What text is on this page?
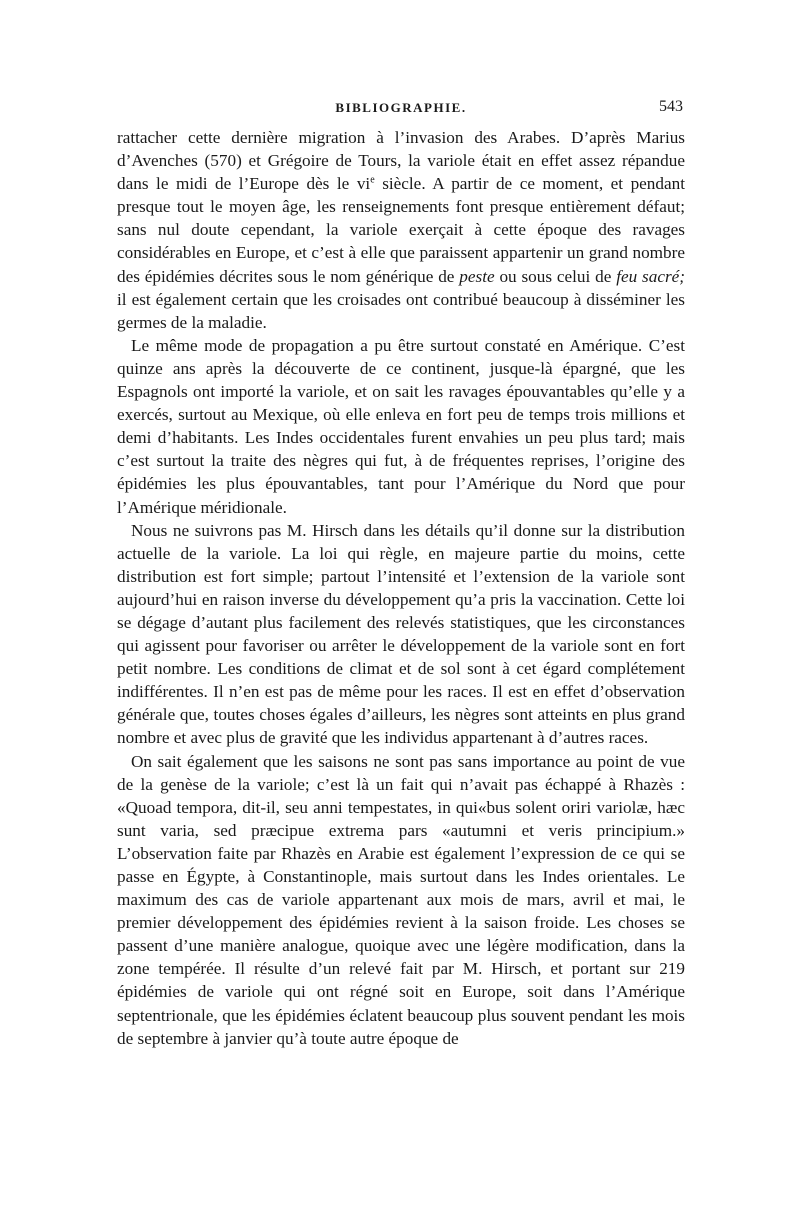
BIBLIOGRAPHIE.	543

rattacher cette dernière migration à l’invasion des Arabes. D’après Marius d’Avenches (570) et Grégoire de Tours, la variole était en effet assez répandue dans le midi de l’Europe dès le $vi^e$ siècle. A partir de ce moment, et pendant presque tout le moyen âge, les renseignements font presque entièrement défaut; sans nul doute cependant, la variole exerçait à cette époque des ravages considérables en Europe, et c’est à elle que paraissent appartenir un grand nombre des épidémies décrites sous le nom générique de peste ou sous celui de feu sacré; il est également certain que les croisades ont contribué beaucoup à disséminer les germes de la maladie.

Le même mode de propagation a pu être surtout constaté en Amérique. C’est quinze ans après la découverte de ce continent, jusque-là épargné, que les Espagnols ont importé la variole, et on sait les ravages épouvantables qu’elle y a exercés, surtout au Mexique, où elle enleva en fort peu de temps trois millions et demi d’habitants. Les Indes occidentales furent envahies un peu plus tard; mais c’est surtout la traite des nègres qui fut, à de fréquentes reprises, l’origine des épidémies les plus épouvantables, tant pour l’Amérique du Nord que pour l’Amérique méridionale.

Nous ne suivrons pas M. Hirsch dans les détails qu’il donne sur la distribution actuelle de la variole. La loi qui règle, en majeure partie du moins, cette distribution est fort simple; partout l’intensité et l’extension de la variole sont aujourd’hui en raison inverse du développement qu’a pris la vaccination. Cette loi se dégage d’autant plus facilement des relevés statistiques, que les circonstances qui agissent pour favoriser ou arrêter le développement de la variole sont en fort petit nombre. Les conditions de climat et de sol sont à cet égard complétement indifférentes. Il n’en est pas de même pour les races. Il est en effet d’observation générale que, toutes choses égales d’ailleurs, les nègres sont atteints en plus grand nombre et avec plus de gravité que les individus appartenant à d’autres races.

On sait également que les saisons ne sont pas sans importance au point de vue de la genèse de la variole; c’est là un fait qui n’avait pas échappé à Rhazès : «Quoad tempora, dit-il, seu anni tempestates, in qui«bus solent oriri variolæ, hæc sunt varia, sed præcipue extrema pars «autumni et veris principium.» L’observation faite par Rhazès en Arabie est également l’expression de ce qui se passe en Égypte, à Constantinople, mais surtout dans les Indes orientales. Le maximum des cas de variole appartenant aux mois de mars, avril et mai, le premier développement des épidémies revient à la saison froide. Les choses se passent d’une manière analogue, quoique avec une légère modification, dans la zone tempérée. Il résulte d’un relevé fait par M. Hirsch, et portant sur 219 épidémies de variole qui ont régné soit en Europe, soit dans l’Amérique septentrionale, que les épidémies éclatent beaucoup plus souvent pendant les mois de septembre à janvier qu’à toute autre époque de
